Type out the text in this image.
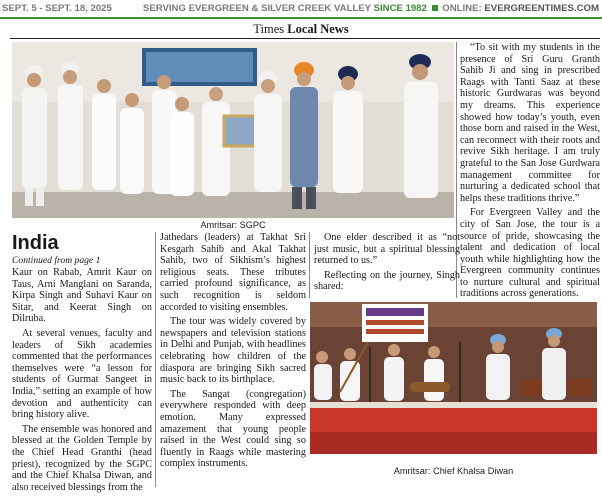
SEPT. 5 - SEPT. 18, 2025	SERVING EVERGREEN & SILVER CREEK VALLEY SINCE 1982 ONLINE: EVERGREENTIMES.COM
Times Local News
Amritsar: SGPC
India
Continued from page 1

Kaur on Rabab, Amrit Kaur on Taus, Arni Manglani on Saranda, Kirpa Singh and Suhavi Kaur on Sitar, and Keerat Singh on Dilruba.

At several venues, faculty and leaders of Sikh academies commented that the performances themselves were “a lesson for students of Gurmat Sangeet in India,” setting an example of how devotion and authenticity can bring history alive.

The ensemble was honored and blessed at the Golden Temple by the Chief Head Granthi (head priest), recognized by the SGPC and the Chief Khalsa Diwan, and also received blessings from the

Jathedars (leaders) at Takhat Sri Kesgarh Sahib and Akal Takhat Sahib, two of Sikhism’s highest religious seats. These tributes carried profound significance, as such recognition is seldom accorded to visiting ensembles.

The tour was widely covered by newspapers and television stations in Delhi and Punjab, with headlines celebrating how children of the diaspora are bringing Sikh sacred music back to its birthplace.

The Sangat (congregation) everywhere responded with deep emotion. Many expressed amazement that young people raised in the West could sing so fluently in Raags while mastering complex instruments.

One elder described it as “not just music, but a spiritual blessing returned to us.”

Reflecting on the journey, Singh shared:

“To sit with my students in the presence of Sri Guru Granth Sahib Ji and sing in prescribed Raags with Tanti Saaz at these historic Gurdwaras was beyond my dreams. This experience showed how today’s youth, even those born and raised in the West, can reconnect with their roots and revive Sikh heritage. I am truly grateful to the San Jose Gurdwara management committee for nurturing a dedicated school that helps these traditions thrive.”

For Evergreen Valley and the city of San Jose, the tour is a source of pride, showcasing the talent and dedication of local youth while highlighting how the Evergreen community continues to nurture cultural and spiritual traditions across generations.

Amritsar: Chief Khalsa Diwan
